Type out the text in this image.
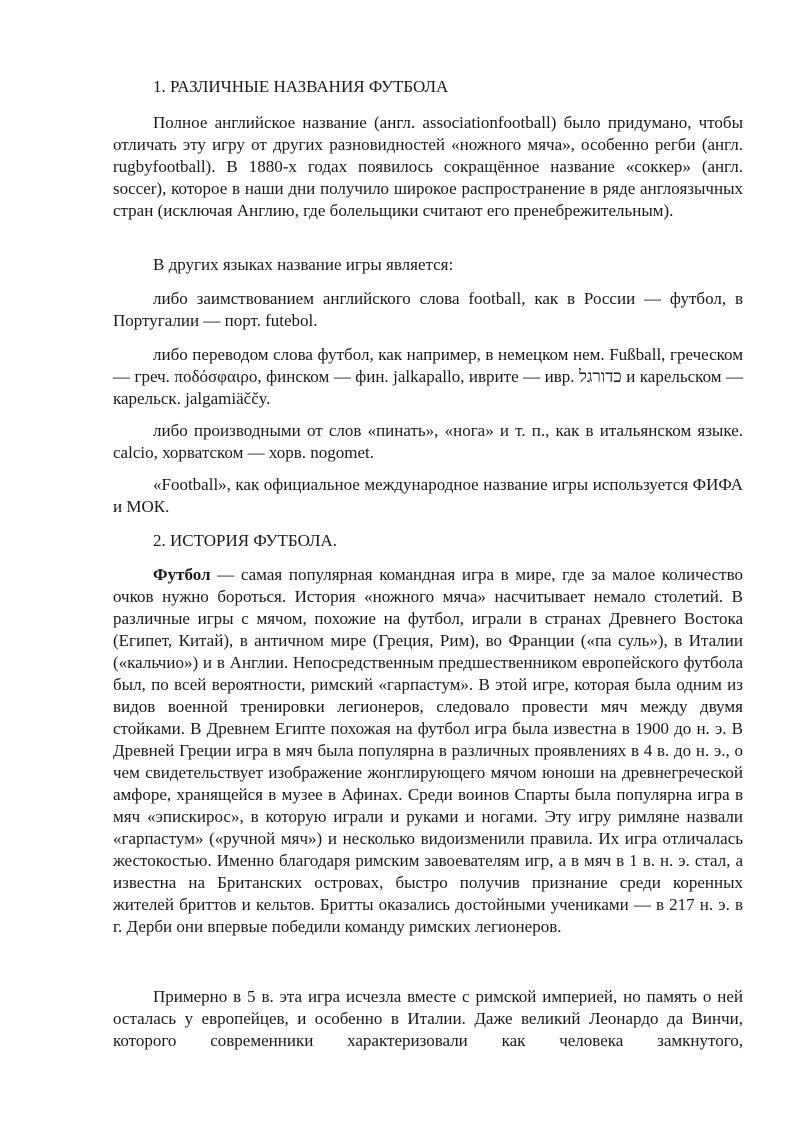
1. РАЗЛИЧНЫЕ НАЗВАНИЯ ФУТБОЛА

Полное английское название (англ. associationfootball) было придумано, чтобы отличать эту игру от других разновидностей «ножного мяча», особенно регби (англ. rugbyfootball). В 1880-х годах появилось сокращённое название «соккер» (англ. soccer), которое в наши дни получило широкое распространение в ряде англоязычных стран (исключая Англию, где болельщики считают его пренебрежительным).

В других языках название игры является:

либо заимствованием английского слова football, как в России — футбол, в Португалии — порт. futebol.

либо переводом слова футбол, как например, в немецком нем. Fußball, греческом — греч. ποδόσφαιρο, финском — фин. jalkapallo, иврите — ивр. כדורגל и карельском — карельск. jalgamiäččy.

либо производными от слов «пинать», «нога» и т. п., как в итальянском языке. calcio, хорватском — хорв. nogomet.

«Football», как официальное международное название игры используется ФИФА и МОК.

2. ИСТОРИЯ ФУТБОЛА.

Футбол — самая популярная командная игра в мире, где за малое количество очков нужно бороться. История «ножного мяча» насчитывает немало столетий. В различные игры с мячом, похожие на футбол, играли в странах Древнего Востока (Египет, Китай), в античном мире (Греция, Рим), во Франции («па суль»), в Италии («кальчио») и в Англии. Непосредственным предшественником европейского футбола был, по всей вероятности, римский «гарпастум». В этой игре, которая была одним из видов военной тренировки легионеров, следовало провести мяч между двумя стойками. В Древнем Египте похожая на футбол игра была известна в 1900 до н. э. В Древней Греции игра в мяч была популярна в различных проявлениях в 4 в. до н. э., о чем свидетельствует изображение жонглирующего мячом юноши на древнегреческой амфоре, хранящейся в музее в Афинах. Среди воинов Спарты была популярна игра в мяч «эпискирос», в которую играли и руками и ногами. Эту игру римляне назвали «гарпастум» («ручной мяч») и несколько видоизменили правила. Их игра отличалась жестокостью. Именно благодаря римским завоевателям игр, а в мяч в 1 в. н. э. стал, а известна на Британских островах, быстро получив признание среди коренных жителей бриттов и кельтов. Бритты оказались достойными учениками — в 217 н. э. в г. Дерби они впервые победили команду римских легионеров.

Примерно в 5 в. эта игра исчезла вместе с римской империей, но память о ней осталась у европейцев, и особенно в Италии. Даже великий Леонардо да Винчи, которого современники характеризовали как человека замкнутого,
